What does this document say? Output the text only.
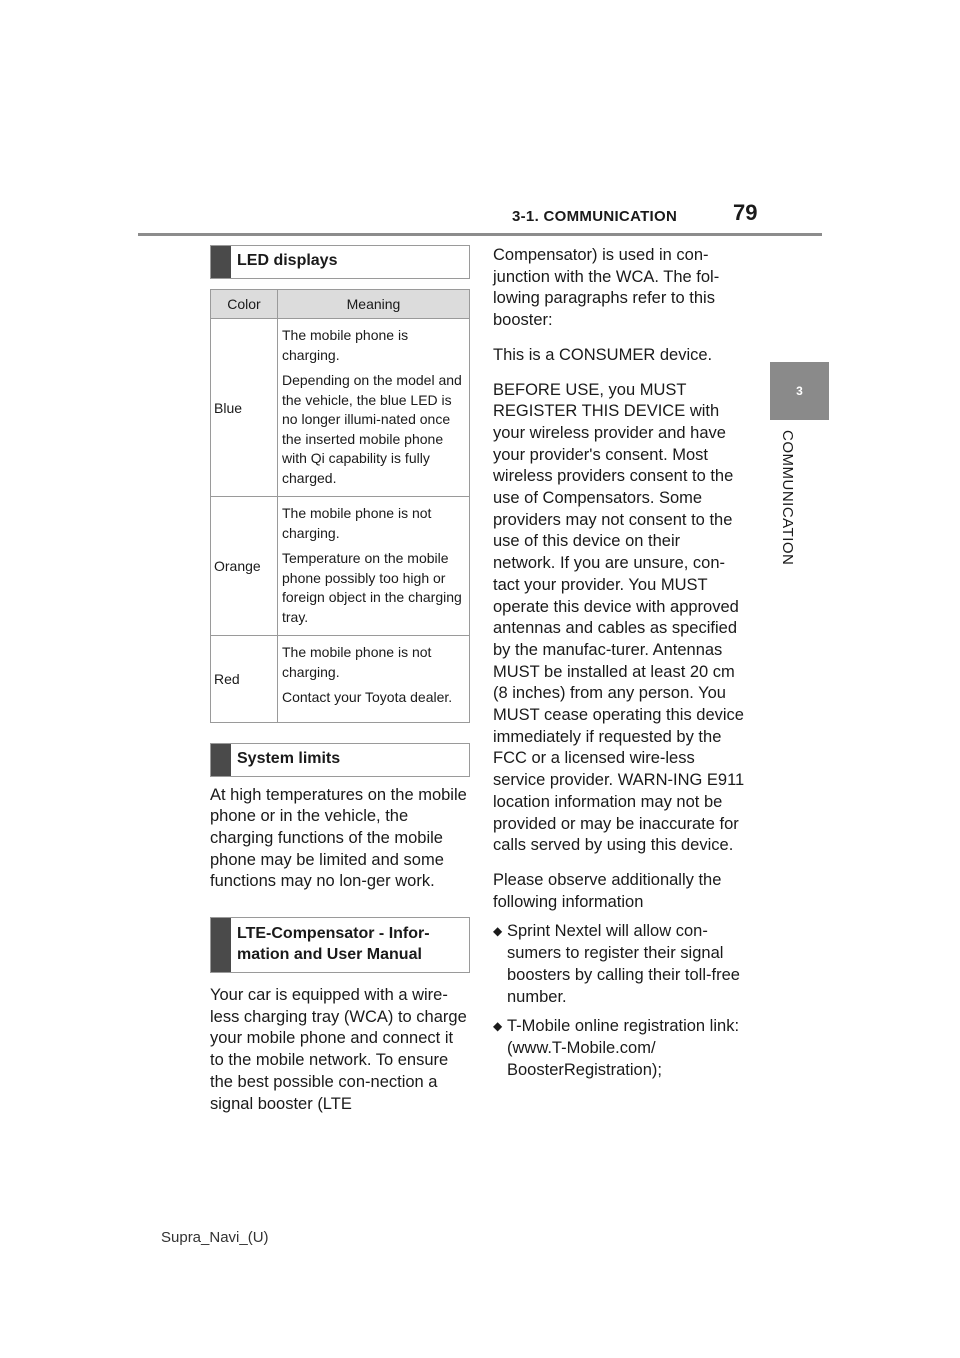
3-1. COMMUNICATION	79
3
COMMUNICATION
LED displays
Color	Meaning
Blue	The mobile phone is charging.

Depending on the model and the vehicle, the blue LED is no longer illumi-nated once the inserted mobile phone with Qi capability is fully charged.

Orange	The mobile phone is not charging.

Temperature on the mobile phone possibly too high or foreign object in the charging tray.

Red	The mobile phone is not charging.

Contact your Toyota dealer.

System limits

At high temperatures on the mobile phone or in the vehicle, the charging functions of the mobile phone may be limited and some functions may no lon-ger work.

LTE-Compensator - Infor-mation and User Manual

Your car is equipped with a wire-less charging tray (WCA) to charge your mobile phone and connect it to the mobile network. To ensure the best possible con-nection a signal booster (LTE

Compensator) is used in con-junction with the WCA. The fol-lowing paragraphs refer to this booster:

This is a CONSUMER device.

BEFORE USE, you MUST REGISTER THIS DEVICE with your wireless provider and have your provider's consent. Most wireless providers consent to the use of Compensators. Some providers may not consent to the use of this device on their network. If you are unsure, con-tact your provider. You MUST operate this device with approved antennas and cables as specified by the manufac-turer. Antennas MUST be installed at least 20 cm (8 inches) from any person. You MUST cease operating this device immediately if requested by the FCC or a licensed wire-less service provider. WARN-ING E911 location information may not be provided or may be inaccurate for calls served by using this device.

Please observe additionally the following information

◆ Sprint Nextel will allow con-sumers to register their signal boosters by calling their toll-free number.
◆ T-Mobile online registration link: (www.T-Mobile.com/ BoosterRegistration);
Supra_Navi_(U)
